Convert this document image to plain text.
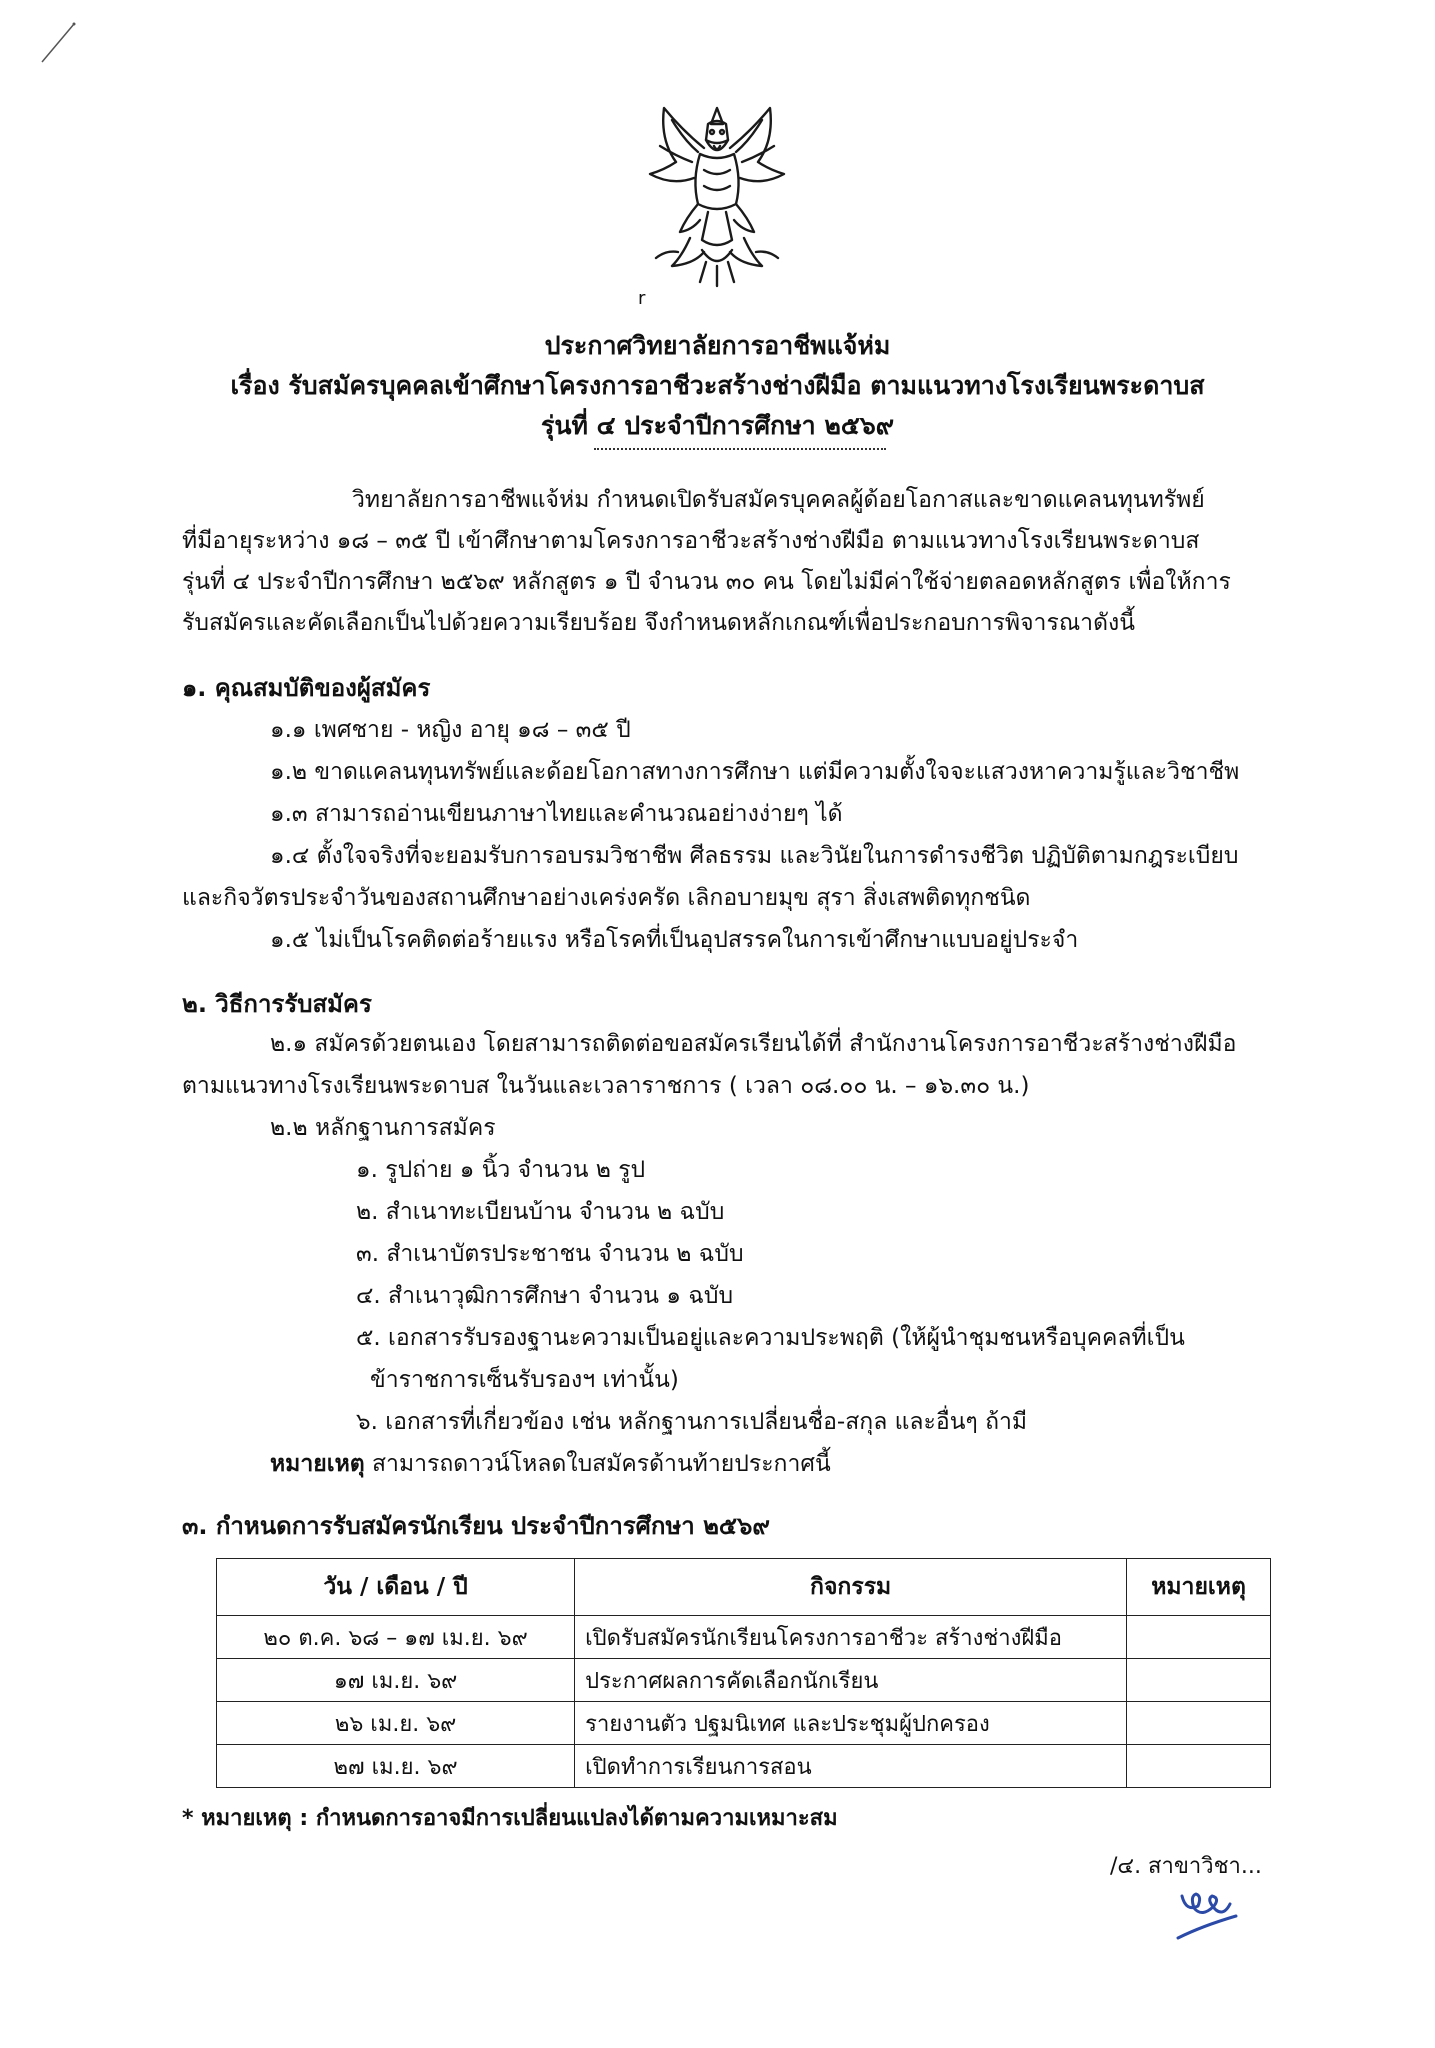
r
ประกาศวิทยาลัยการอาชีพแจ้ห่ม
เรื่อง รับสมัครบุคคลเข้าศึกษาโครงการอาชีวะสร้างช่างฝีมือ ตามแนวทางโรงเรียนพระดาบส
รุ่นที่ ๔ ประจำปีการศึกษา ๒๕๖๙
วิทยาลัยการอาชีพแจ้ห่ม กำหนดเปิดรับสมัครบุคคลผู้ด้อยโอกาสและขาดแคลนทุนทรัพย์
ที่มีอายุระหว่าง ๑๘ – ๓๕ ปี เข้าศึกษาตามโครงการอาชีวะสร้างช่างฝีมือ ตามแนวทางโรงเรียนพระดาบส
รุ่นที่ ๔ ประจำปีการศึกษา ๒๕๖๙ หลักสูตร ๑ ปี จำนวน ๓๐ คน โดยไม่มีค่าใช้จ่ายตลอดหลักสูตร เพื่อให้การ
รับสมัครและคัดเลือกเป็นไปด้วยความเรียบร้อย จึงกำหนดหลักเกณฑ์เพื่อประกอบการพิจารณาดังนี้
๑. คุณสมบัติของผู้สมัคร
๑.๑ เพศชาย - หญิง อายุ ๑๘ – ๓๕ ปี
๑.๒ ขาดแคลนทุนทรัพย์และด้อยโอกาสทางการศึกษา แต่มีความตั้งใจจะแสวงหาความรู้และวิชาชีพ
๑.๓ สามารถอ่านเขียนภาษาไทยและคำนวณอย่างง่ายๆ ได้
๑.๔ ตั้งใจจริงที่จะยอมรับการอบรมวิชาชีพ ศีลธรรม และวินัยในการดำรงชีวิต ปฏิบัติตามกฎระเบียบ
และกิจวัตรประจำวันของสถานศึกษาอย่างเคร่งครัด เลิกอบายมุข สุรา สิ่งเสพติดทุกชนิด
๑.๕ ไม่เป็นโรคติดต่อร้ายแรง หรือโรคที่เป็นอุปสรรคในการเข้าศึกษาแบบอยู่ประจำ
๒. วิธีการรับสมัคร
๒.๑ สมัครด้วยตนเอง โดยสามารถติดต่อขอสมัครเรียนได้ที่ สำนักงานโครงการอาชีวะสร้างช่างฝีมือ
ตามแนวทางโรงเรียนพระดาบส ในวันและเวลาราชการ ( เวลา ๐๘.๐๐ น. – ๑๖.๓๐ น.)
๒.๒ หลักฐานการสมัคร
๑. รูปถ่าย ๑ นิ้ว จำนวน ๒ รูป
๒. สำเนาทะเบียนบ้าน จำนวน ๒ ฉบับ
๓. สำเนาบัตรประชาชน จำนวน ๒ ฉบับ
๔. สำเนาวุฒิการศึกษา จำนวน ๑ ฉบับ
๕. เอกสารรับรองฐานะความเป็นอยู่และความประพฤติ (ให้ผู้นำชุมชนหรือบุคคลที่เป็น
ข้าราชการเซ็นรับรองฯ เท่านั้น)
๖. เอกสารที่เกี่ยวข้อง เช่น หลักฐานการเปลี่ยนชื่อ-สกุล และอื่นๆ ถ้ามี
หมายเหตุ สามารถดาวน์โหลดใบสมัครด้านท้ายประกาศนี้
๓. กำหนดการรับสมัครนักเรียน ประจำปีการศึกษา ๒๕๖๙
วัน / เดือน / ปี	กิจกรรม	หมายเหตุ
๒๐ ต.ค. ๖๘ – ๑๗ เม.ย. ๖๙	เปิดรับสมัครนักเรียนโครงการอาชีวะ สร้างช่างฝีมือ	
๑๗ เม.ย. ๖๙	ประกาศผลการคัดเลือกนักเรียน	
๒๖ เม.ย. ๖๙	รายงานตัว ปฐมนิเทศ และประชุมผู้ปกครอง	
๒๗ เม.ย. ๖๙	เปิดทำการเรียนการสอน	
* หมายเหตุ : กำหนดการอาจมีการเปลี่ยนแปลงได้ตามความเหมาะสม
/๔. สาขาวิชา...
